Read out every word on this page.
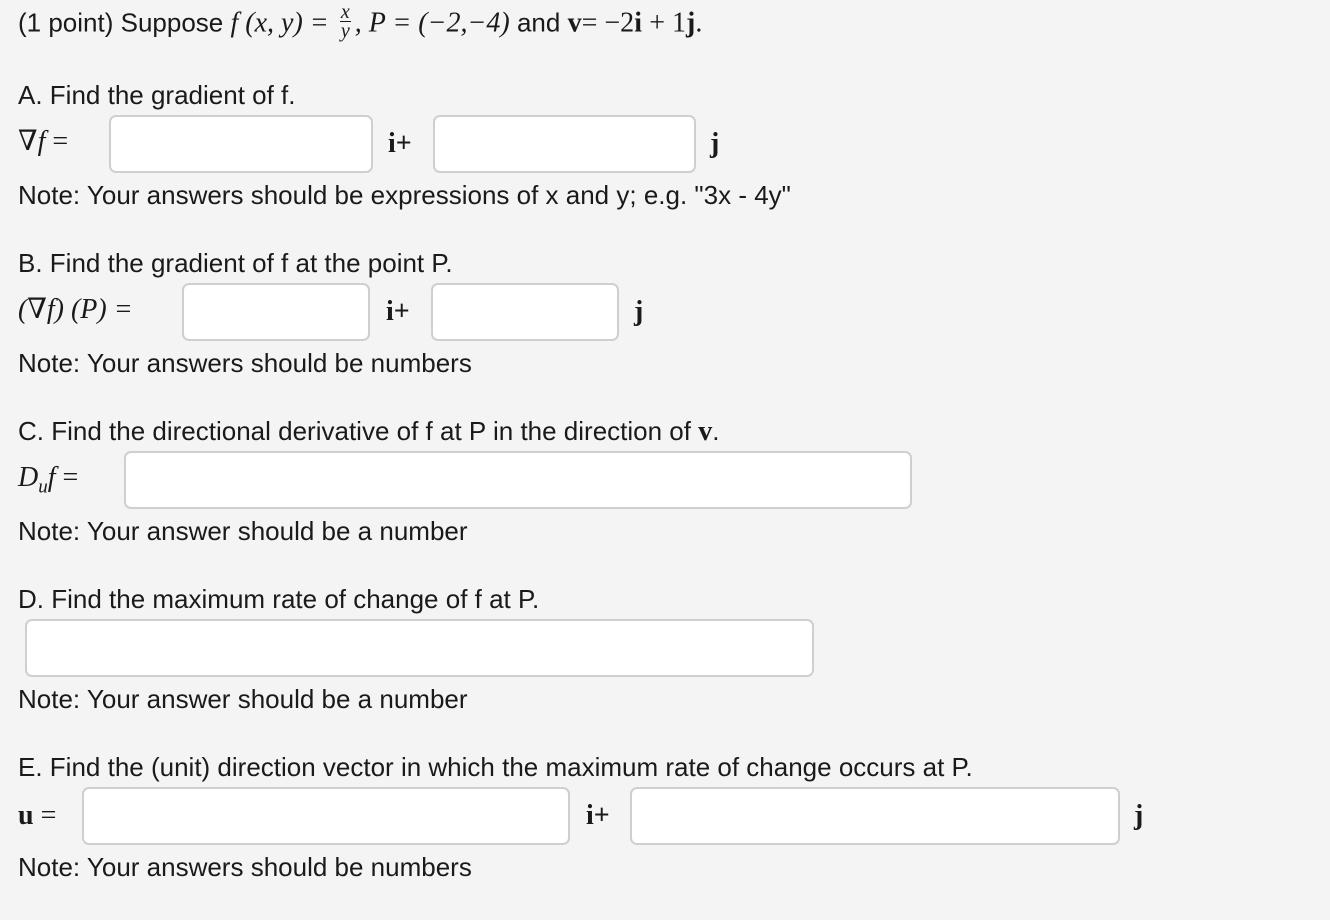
(1 point) Suppose f (x, $y) = \frac{x}{y}$ , P = (−2,−4) and v= −2i + 1j.
A. Find the gradient of f.
∇f =	i+	j
Note: Your answers should be expressions of x and y; e.g. "3x - 4y"
B. Find the gradient of f at the point P.
(∇f) (P) =	i+	j
Note: Your answers should be numbers
C. Find the directional derivative of f at P in the direction of v.
$D_uf$ =
Note: Your answer should be a number
D. Find the maximum rate of change of f at P.
Note: Your answer should be a number
E. Find the (unit) direction vector in which the maximum rate of change occurs at P.
u =	i+	j
Note: Your answers should be numbers
